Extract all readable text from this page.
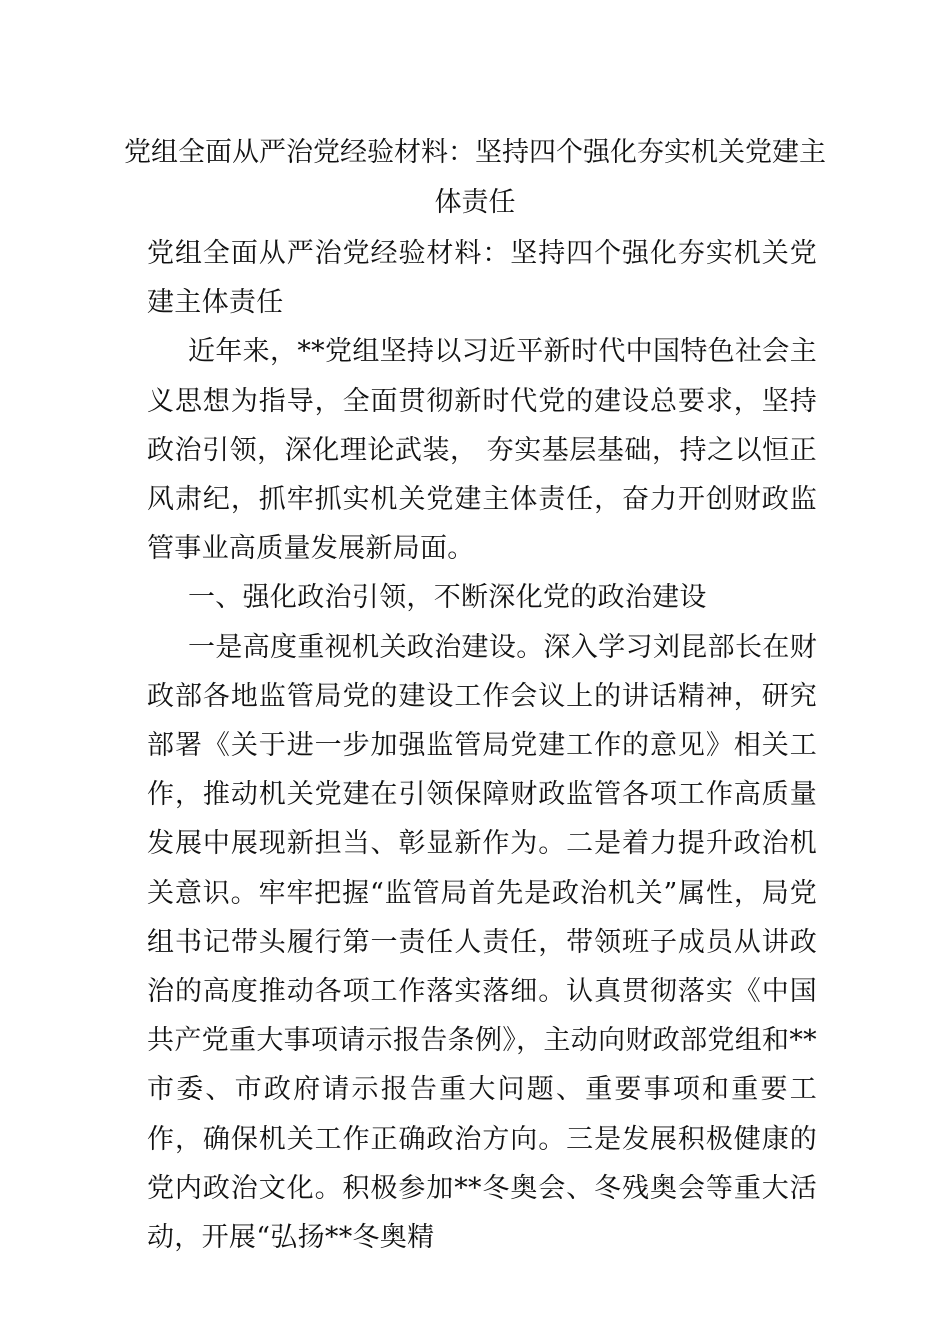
党组全面从严治党经验材料：坚持四个强化夯实机关党建主体责任

党组全面从严治党经验材料：坚持四个强化夯实机关党建主体责任

近年来，**党组坚持以习近平新时代中国特色社会主义思想为指导，全面贯彻新时代党的建设总要求，坚持政治引领，深化理论武装， 夯实基层基础，持之以恒正风肃纪，抓牢抓实机关党建主体责任，奋力开创财政监管事业高质量发展新局面。

一、强化政治引领，不断深化党的政治建设

一是高度重视机关政治建设。深入学习刘昆部长在财政部各地监管局党的建设工作会议上的讲话精神，研究部署《关于进一步加强监管局党建工作的意见》相关工作，推动机关党建在引领保障财政监管各项工作高质量发展中展现新担当、彰显新作为。二是着力提升政治机关意识。牢牢把握“监管局首先是政治机关”属性，局党组书记带头履行第一责任人责任，带领班子成员从讲政治的高度推动各项工作落实落细。认真贯彻落实《中国共产党重大事项请示报告条例》，主动向财政部党组和**市委、市政府请示报告重大问题、重要事项和重要工作，确保机关工作正确政治方向。三是发展积极健康的党内政治文化。积极参加**冬奥会、冬残奥会等重大活动，开展“弘扬**冬奥精
